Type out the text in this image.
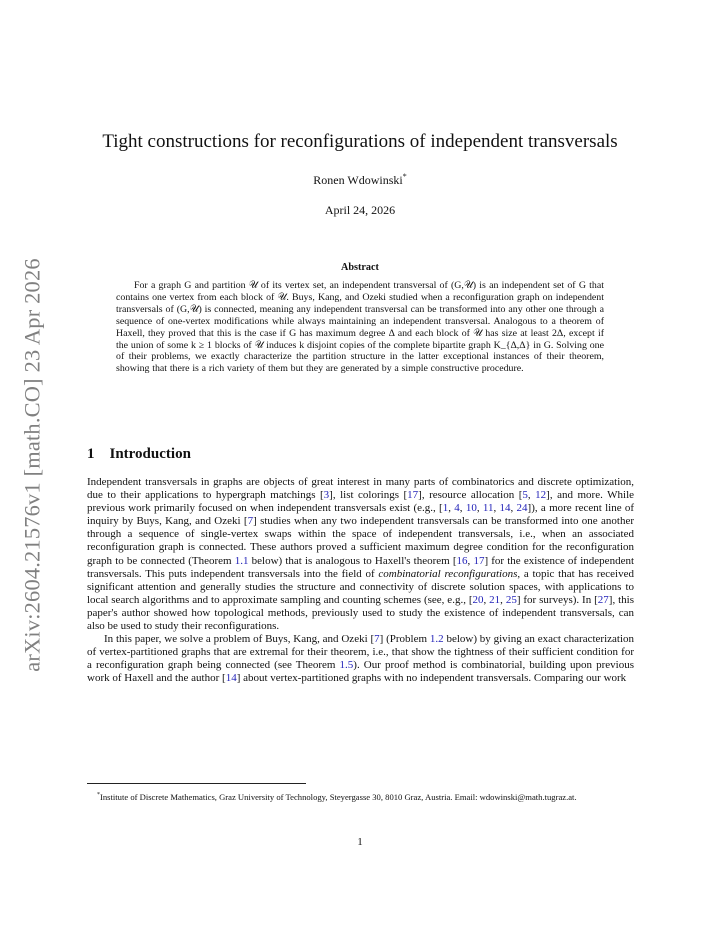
arXiv:2604.21576v1 [math.CO] 23 Apr 2026
Tight constructions for reconfigurations of independent transversals
Ronen Wdowinski*
April 24, 2026
Abstract

For a graph G and partition 𝒰 of its vertex set, an independent transversal of (G,𝒰) is an independent set of G that contains one vertex from each block of 𝒰. Buys, Kang, and Ozeki studied when a reconfiguration graph on independent transversals of (G,𝒰) is connected, meaning any independent transversal can be transformed into any other one through a sequence of one-vertex modifications while always maintaining an independent transversal. Analogous to a theorem of Haxell, they proved that this is the case if G has maximum degree Δ and each block of 𝒰 has size at least 2Δ, except if the union of some k ≥ 1 blocks of 𝒰 induces k disjoint copies of the complete bipartite graph K_{Δ,Δ} in G. Solving one of their problems, we exactly characterize the partition structure in the latter exceptional instances of their theorem, showing that there is a rich variety of them but they are generated by a simple constructive procedure.

1 Introduction

Independent transversals in graphs are objects of great interest in many parts of combinatorics and discrete optimization, due to their applications to hypergraph matchings [3], list colorings [17], resource allocation [5, 12], and more. While previous work primarily focused on when independent transversals exist (e.g., [1, 4, 10, 11, 14, 24]), a more recent line of inquiry by Buys, Kang, and Ozeki [7] studies when any two independent transversals can be transformed into one another through a sequence of single-vertex swaps within the space of independent transversals, i.e., when an associated reconfiguration graph is connected. These authors proved a sufficient maximum degree condition for the reconfiguration graph to be connected (Theorem 1.1 below) that is analogous to Haxell's theorem [16, 17] for the existence of independent transversals. This puts independent transversals into the field of combinatorial reconfigurations, a topic that has received significant attention and generally studies the structure and connectivity of discrete solution spaces, with applications to local search algorithms and to approximate sampling and counting schemes (see, e.g., [20, 21, 25] for surveys). In [27], this paper's author showed how topological methods, previously used to study the existence of independent transversals, can also be used to study their reconfigurations.

In this paper, we solve a problem of Buys, Kang, and Ozeki [7] (Problem 1.2 below) by giving an exact characterization of vertex-partitioned graphs that are extremal for their theorem, i.e., that show the tightness of their sufficient condition for a reconfiguration graph being connected (see Theorem 1.5). Our proof method is combinatorial, building upon previous work of Haxell and the author [14] about vertex-partitioned graphs with no independent transversals. Comparing our work

*Institute of Discrete Mathematics, Graz University of Technology, Steyergasse 30, 8010 Graz, Austria. Email: wdowinski@math.tugraz.at.

1
